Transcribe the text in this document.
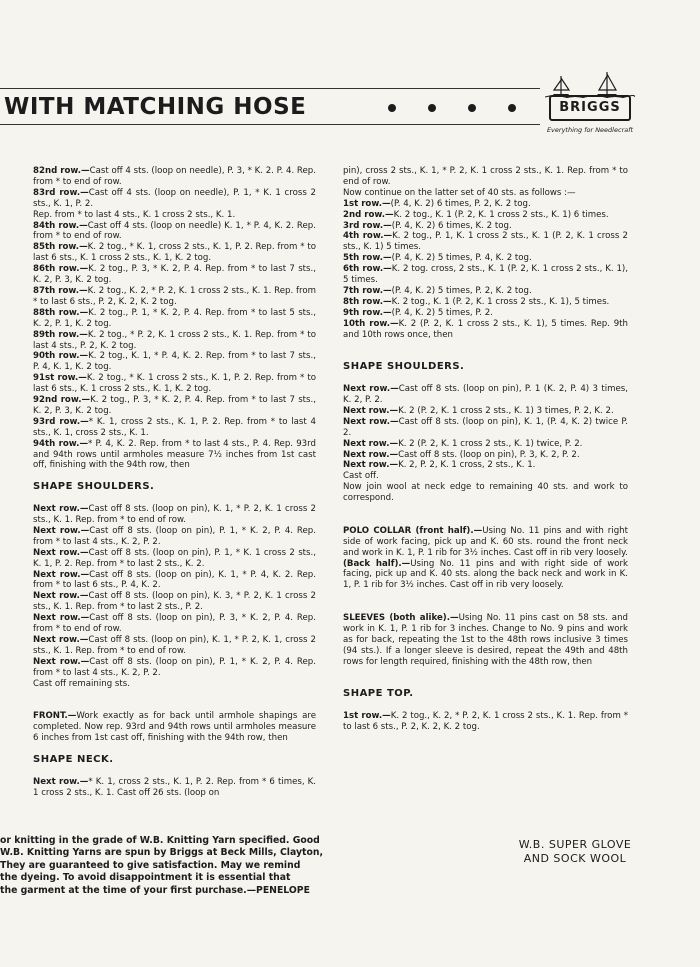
WITH MATCHING HOSE	BRIGGS
Everything for Needlecraft

82nd row.—Cast off 4 sts. (loop on needle), P. 3, * K. 2. P. 4. Rep. from * to end of row.

83rd row.—Cast off 4 sts. (loop on needle), P. 1, * K. 1 cross 2 sts., K. 1, P. 2.

Rep. from * to last 4 sts., K. 1 cross 2 sts., K. 1.

84th row.—Cast off 4 sts. (loop on needle) K. 1, * P. 4, K. 2. Rep. from * to end of row.

85th row.—K. 2 tog., * K. 1, cross 2 sts., K. 1, P. 2. Rep. from * to last 6 sts., K. 1 cross 2 sts., K. 1, K. 2 tog.

86th row.—K. 2 tog., P. 3, * K. 2, P. 4. Rep. from * to last 7 sts., K. 2, P. 3, K. 2 tog.

87th row.—K. 2 tog., K. 2, * P. 2, K. 1 cross 2 sts., K. 1. Rep. from * to last 6 sts., P. 2, K. 2, K. 2 tog.

88th row.—K. 2 tog., P. 1, * K. 2, P. 4. Rep. from * to last 5 sts., K. 2, P. 1, K. 2 tog.

89th row.—K. 2 tog., * P. 2, K. 1 cross 2 sts., K. 1. Rep. from * to last 4 sts., P. 2, K. 2 tog.

90th row.—K. 2 tog., K. 1, * P. 4, K. 2. Rep. from * to last 7 sts., P. 4, K. 1, K. 2 tog.

91st row.—K. 2 tog., * K. 1 cross 2 sts., K. 1, P. 2. Rep. from * to last 6 sts., K. 1 cross 2 sts., K. 1, K. 2 tog.

92nd row.—K. 2 tog., P. 3, * K. 2, P. 4. Rep. from * to last 7 sts., K. 2, P. 3, K. 2 tog.

93rd row.—* K. 1, cross 2 sts., K. 1, P. 2. Rep. from * to last 4 sts., K. 1, cross 2 sts., K. 1.

94th row.—* P. 4, K. 2. Rep. from * to last 4 sts., P. 4. Rep. 93rd and 94th rows until armholes measure 7½ inches from 1st cast off, finishing with the 94th row, then

SHAPE SHOULDERS.

Next row.—Cast off 8 sts. (loop on pin), K. 1, * P. 2, K. 1 cross 2 sts., K. 1. Rep. from * to end of row.

Next row.—Cast off 8 sts. (loop on pin), P. 1, * K. 2, P. 4. Rep. from * to last 4 sts., K. 2, P. 2.

Next row.—Cast off 8 sts. (loop on pin), P. 1, * K. 1 cross 2 sts., K. 1, P. 2. Rep. from * to last 2 sts., K. 2.

Next row.—Cast off 8 sts. (loop on pin), K. 1, * P. 4, K. 2. Rep. from * to last 6 sts., P. 4, K. 2.

Next row.—Cast off 8 sts. (loop on pin), K. 3, * P. 2, K. 1 cross 2 sts., K. 1. Rep. from * to last 2 sts., P. 2.

Next row.—Cast off 8 sts. (loop on pin), P. 3, * K. 2, P. 4. Rep. from * to end of row.

Next row.—Cast off 8 sts. (loop on pin), K. 1, * P. 2, K. 1, cross 2 sts., K. 1. Rep. from * to end of row.

Next row.—Cast off 8 sts. (loop on pin), P. 1, * K. 2, P. 4. Rep. from * to last 4 sts., K. 2, P. 2.

Cast off remaining sts.

FRONT.—Work exactly as for back until armhole shapings are completed. Now rep. 93rd and 94th rows until armholes measure 6 inches from 1st cast off, finishing with the 94th row, then

SHAPE NECK.

Next row.—* K. 1, cross 2 sts., K. 1, P. 2. Rep. from * 6 times, K. 1 cross 2 sts., K. 1. Cast off 26 sts. (loop on

pin), cross 2 sts., K. 1, * P. 2, K. 1 cross 2 sts., K. 1. Rep. from * to end of row.

Now continue on the latter set of 40 sts. as follows :—

1st row.—(P. 4, K. 2) 6 times, P. 2, K. 2 tog.

2nd row.—K. 2 tog., K. 1 (P. 2, K. 1 cross 2 sts., K. 1) 6 times.

3rd row.—(P. 4, K. 2) 6 times, K. 2 tog.

4th row.—K. 2 tog., P. 1, K. 1 cross 2 sts., K. 1 (P. 2, K. 1 cross 2 sts., K. 1) 5 times.

5th row.—(P. 4, K. 2) 5 times, P. 4, K. 2 tog.

6th row.—K. 2 tog. cross, 2 sts., K. 1 (P. 2, K. 1 cross 2 sts., K. 1), 5 times.

7th row.—(P. 4, K. 2) 5 times, P. 2, K. 2 tog.

8th row.—K. 2 tog., K. 1 (P. 2, K. 1 cross 2 sts., K. 1), 5 times.

9th row.—(P. 4, K. 2) 5 times, P. 2.

10th row.—K. 2 (P. 2, K. 1 cross 2 sts., K. 1), 5 times. Rep. 9th and 10th rows once, then

SHAPE SHOULDERS.

Next row.—Cast off 8 sts. (loop on pin), P. 1 (K. 2, P. 4) 3 times, K. 2, P. 2.

Next row.—K. 2 (P. 2, K. 1 cross 2 sts., K. 1) 3 times, P. 2, K. 2.

Next row.—Cast off 8 sts. (loop on pin), K. 1, (P. 4, K. 2) twice P. 2.

Next row.—K. 2 (P. 2, K. 1 cross 2 sts., K. 1) twice, P. 2.

Next row.—Cast off 8 sts. (loop on pin), P. 3, K. 2, P. 2.

Next row.—K. 2, P. 2, K. 1 cross, 2 sts., K. 1.

Cast off.

Now join wool at neck edge to remaining 40 sts. and work to correspond.

POLO COLLAR (front half).—Using No. 11 pins and with right side of work facing, pick up and K. 60 sts. round the front neck and work in K. 1, P. 1 rib for 3½ inches. Cast off in rib very loosely.

(Back half).—Using No. 11 pins and with right side of work facing, pick up and K. 40 sts. along the back neck and work in K. 1, P. 1 rib for 3½ inches. Cast off in rib very loosely.

SLEEVES (both alike).—Using No. 11 pins cast on 58 sts. and work in K. 1, P. 1 rib for 3 inches. Change to No. 9 pins and work as for back, repeating the 1st to the 48th rows inclusive 3 times (94 sts.). If a longer sleeve is desired, repeat the 49th and 48th rows for length required, finishing with the 48th row, then

SHAPE TOP.

1st row.—K. 2 tog., K. 2, * P. 2, K. 1 cross 2 sts., K. 1. Rep. from * to last 6 sts., P. 2, K. 2, K. 2 tog.

or knitting in the grade of W.B. Knitting Yarn specified. Good

W.B. Knitting Yarns are spun by Briggs at Beck Mills, Clayton,

They are guaranteed to give satisfaction. May we remind

the dyeing. To avoid disappointment it is essential that

the garment at the time of your first purchase.—PENELOPE

W.B. SUPER GLOVE

AND SOCK WOOL
